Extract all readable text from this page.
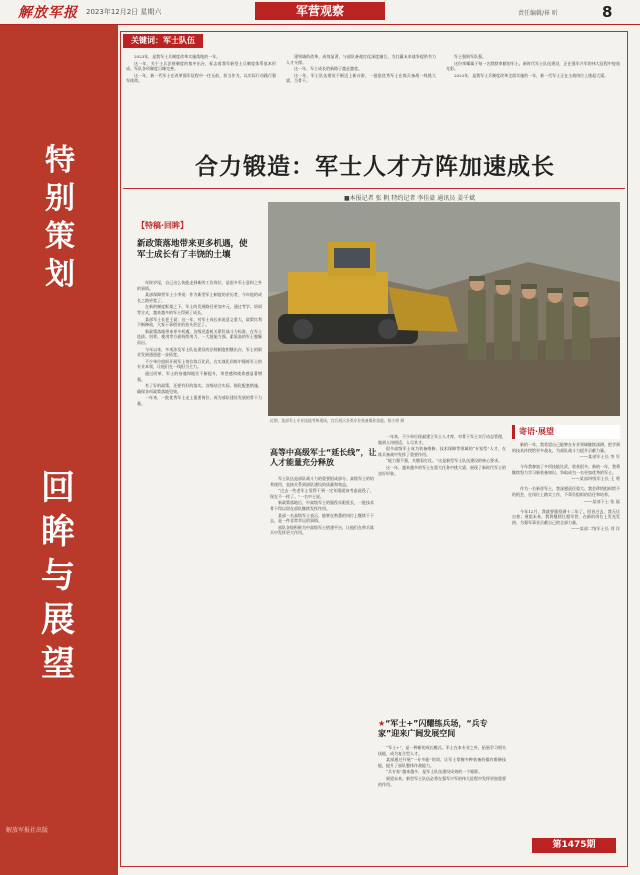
解放军报 2023年12月2日 星期六	军营观察	责任编辑/崔 昕	8
特别策划
回眸与展望
解放军报社出版
关键词：军士队伍

2023年，是我军士兵制度改革实施落地的一年。

这一年，关于士兵法规制度的集中出台，标志着我军新型士兵制度体系基本形成。军队各项制度日臻完善。

这一年，新一代军士在改革强军征程中一往无前，担当作为，以实际行动践行强军使命。

建领域的改革，成效显著，与部队备战打仗深度融合，为打赢未来战争提供有力人才支撑。

这一年，军士成长的新路子越走越宽。

这一年，军士队伍建设不断迈上新台阶，一批批优秀军士在练兵备战一线挑大梁、当骨干。

军士强则军队强。

这份荣耀属于每一名默默奉献的军士。新时代军士队伍建设，正在强军兴军的伟大征程中绽放光彩。

2023年，是我军士兵制度改革全面实施的一年，新一代军士正在主战岗位上挑起大梁。

合力锻造：军士人才方阵加速成长
■本报记者 张 帆 特约记者 李佳豪 通讯员 姜千斌
【特稿·回眸】
新政策落地带来更多机遇，使军士成长有了丰饶的土壤

年终岁尾，自己这么快能走到新的工作岗位，是很多军士意料之外的事情。

某部保障营军士小李说：作为新型军士制度的亲历者，今年他的成长之路更宽了。

在新的制度框架之下，军士的发展路径更加多元，通过考学、培训等方式，越来越多的军士得到了成长。

某部军士长老王说：这一年，对军士成长来说意义重大，政策红利不断释放，大家干事创业的劲头更足了。

新政策落地带来更多机遇。各级党委机关紧盯战斗力标准，在军士选拔、培养、使用等方面持续用力，一大批能力强、素质高的军士脱颖而出。

今年以来，多项涉及军士队伍建设的法规制度相继出台，军士的职业发展通道进一步拓宽。

不少单位组织开展军士岗位练兵比武，在实战化训练中锤炼军士的专业本领，让他们在一线担当主力。

通过改革，军士的待遇和地位不断提升，荣誉感和使命感显著增强。

有了好的政策，还要有好的落实。各级结合实际，细化配套措施，确保各项政策落地见效。

一年来，一批优秀军士走上重要岗位，成为部队建设发展的骨干力量。

近期，某部军士专业技能考核现场，官兵展示各类专业装备操作技能。陈小朋 摄
高等中高级军士“延长线”，让人才能量充分释放

军士队伍是部队战斗力的重要组成部分。高级军士的培养使用，直接关系到部队建设的质量和效益。

“过去一些老军士觉得干到一定年限就该考虑退役了，现在不一样了。”一名中士说。

新政策落地后，中高级军士的服役年限延长，一批技术骨干得以留在部队继续发挥作用。

某部一名高级军士表示，能够在熟悉的岗位上继续干下去，是一件非常幸运的事情。

部队各级积极为中高级军士搭建平台，让他们在带兵练兵中发挥更大作用。

一年来，不少单位探索建立军士人才库，对骨干军士实行动态管理，做到人岗相适、人尽其才。

很多高级军士成为装备维修、技术保障等领域的“专家型”人才，在练兵备战中发挥了重要作用。

“能力强不强，关键看打仗。”这是新型军士队伍建设的核心要求。

这一年，越来越多的军士在重大任务中挑大梁，展现了新时代军士的良好形象。

★“军士+”闪耀练兵场，“兵专家”迎来广阔发展空间

“军士+”，是一种新的成长模式。军士在本专业之外，拓展学习相关技能，成为复合型人才。

某部通过开展“一专多能”培训，让军士掌握多种装备的操作维修技能，提升了部队整体作战能力。

“兵专家”越来越多，是军士队伍建设成效的一个缩影。

展望未来，新型军士队伍必将在强军兴军的伟大征程中发挥更加重要的作用。

寄语·展望

新的一年，我希望自己能够在专业领域继续深耕，把学到的技术传授给更多战友，为部队战斗力提升贡献力量。

——某部军士长 李 军

今年我参加了多项技能比武，收获很多。新的一年，我将继续努力学习新装备知识，争取成为一名更加优秀的军士。

——某部四级军士长 王 勇

作为一名新晋军士，我深感责任重大。我会珍惜组织给予的机会，在岗位上踏实工作，不辜负组织的信任和培养。

——某部下士 张 磊

今年12月，我就要服役满十二年了。回首过去，我无比自豪；展望未来，我将继续扎根军营，在新的岗位上发光发热，为强军事业贡献自己的全部力量。

——某部二级军士长 刘 洋

第1475期
